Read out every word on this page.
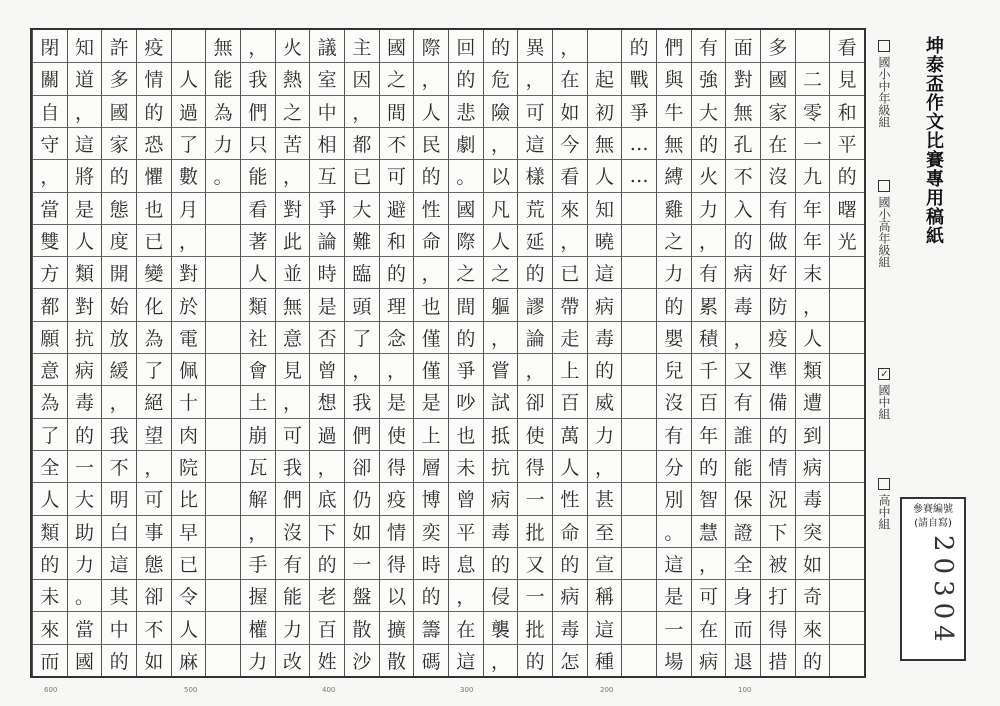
看
見
和
平
的
曙
光
二
零
一
九
年
年
末
，
人
類
遭
到
病
毒
突
如
奇
來
的
多
國
家
在
沒
有
做
好
防
疫
準
備
的
情
況
下
被
打
得
措
面
對
無
孔
不
入
的
病
毒
，
又
有
誰
能
保
證
全
身
而
退
有
強
大
的
火
力
，
有
累
積
千
百
年
的
智
慧
，
可
在
病
們
與
牛
無
縛
雞
之
力
的
嬰
兒
沒
有
分
別
。
這
是
一
場
的
戰
爭
…
…
起
初
無
人
知
曉
這
病
毒
的
威
力
，
甚
至
宣
稱
這
種
，
在
如
今
看
來
，
已
帶
走
上
百
萬
人
性
命
的
病
毒
怎
異
，
可
這
樣
荒
延
的
謬
論
，
卻
使
得
一
批
又
一
批
的
的
危
險
，
以
凡
人
之
軀
，
嘗
試
抵
抗
病
毒
的
侵
襲
，
回
的
悲
劇
。
國
際
之
間
的
爭
吵
也
未
曾
平
息
，
在
這
際
，
人
民
的
性
命
，
也
僅
僅
是
上
層
博
奕
時
的
籌
碼
國
之
間
不
可
避
和
的
理
念
，
是
使
得
疫
情
得
以
擴
散
主
因
，
都
已
大
難
臨
頭
了
，
我
們
卻
仍
如
一
盤
散
沙
議
室
中
相
互
爭
論
時
是
否
曾
想
過
，
底
下
的
老
百
姓
火
熱
之
苦
，
對
此
並
無
意
見
，
可
我
們
沒
有
能
力
改
，
我
們
只
能
看
著
人
類
社
會
土
崩
瓦
解
，
手
握
權
力
無
能
為
力
。
人
過
了
數
月
，
對
於
電
佩
十
肉
院
比
早
已
令
人
麻
疫
情
的
恐
懼
也
已
變
化
為
了
絕
望
，
可
事
態
卻
不
如
許
多
國
家
的
態
度
開
始
放
緩
，
我
不
明
白
這
其
中
的
知
道
，
這
將
是
人
類
對
抗
病
毒
的
一
大
助
力
。
當
國
閉
關
自
守
，
當
雙
方
都
願
意
為
了
全
人
類
的
未
來
而
600	500	400	300	200	100
坤泰盃作文比賽專用稿紙
國小中年級組
國小高年級組
✓國中組
高中組	參賽編號
(請自寫)
20304
